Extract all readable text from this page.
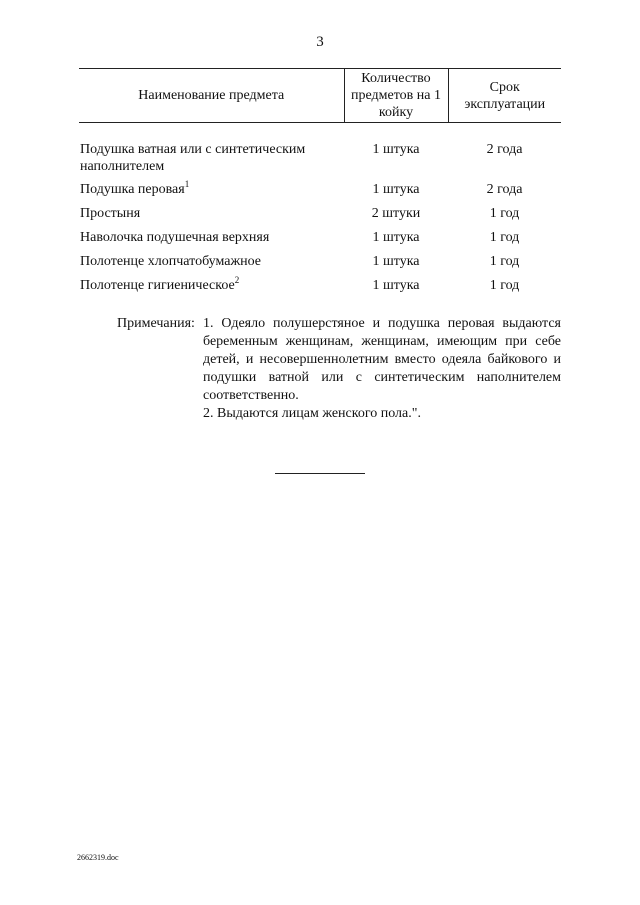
3
Наименование предмета	Количество предметов на 1 койку	Срок эксплуатации

Подушка ватная или с синтетическим наполнителем	1 штука	2 года
Подушка перовая$^1$	1 штука	2 года
Простыня	2 штуки	1 год
Наволочка подушечная верхняя	1 штука	1 год
Полотенце хлопчатобумажное	1 штука	1 год
Полотенце гигиеническое$^2$	1 штука	1 год
Примечания: 1. Одеяло полушерстяное и подушка перовая выдаются беременным женщинам, женщинам, имеющим при себе детей, и несовершеннолетним вместо одеяла байкового и подушки ватной или с синтетическим наполнителем соответственно.
2. Выдаются лицам женского пола.".
2662319.doc
